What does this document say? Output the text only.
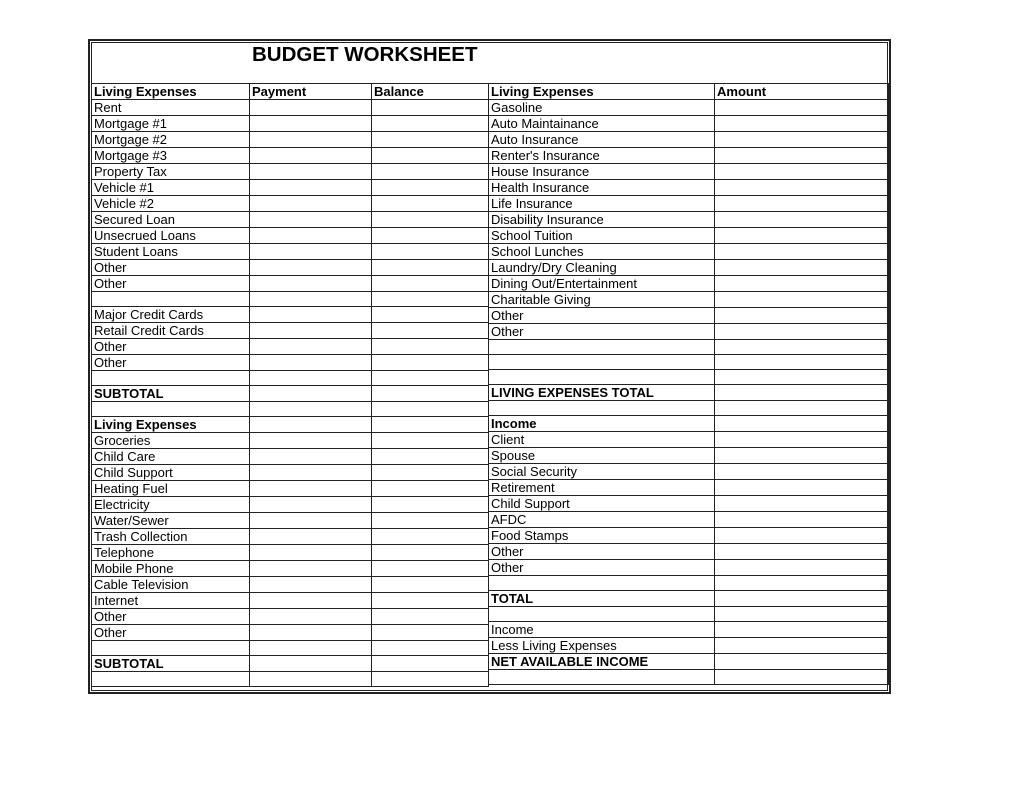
BUDGET WORKSHEET
Living Expenses	Payment	Balance
Rent		
Mortgage #1		
Mortgage #2		
Mortgage #3		
Property Tax		
Vehicle #1		
Vehicle #2		
Secured Loan		
Unsecrued Loans		
Student Loans		
Other		
Other		

Major Credit Cards		
Retail Credit Cards		
Other		
Other		

SUBTOTAL		

Living Expenses		
Groceries		
Child Care		
Child Support		
Heating Fuel		
Electricity		
Water/Sewer		
Trash Collection		
Telephone		
Mobile Phone		
Cable Television		
Internet		
Other		
Other		

SUBTOTAL		

Living Expenses	Amount
Gasoline	
Auto Maintainance	
Auto Insurance	
Renter's Insurance	
House Insurance	
Health Insurance	
Life Insurance	
Disability Insurance	
School Tuition	
School Lunches	
Laundry/Dry Cleaning	
Dining Out/Entertainment	
Charitable Giving	
Other	
Other	

LIVING EXPENSES TOTAL	

Income	
Client	
Spouse	
Social Security	
Retirement	
Child Support	
AFDC	
Food Stamps	
Other	
Other	

TOTAL	

Income	
Less Living Expenses	
NET AVAILABLE INCOME	
